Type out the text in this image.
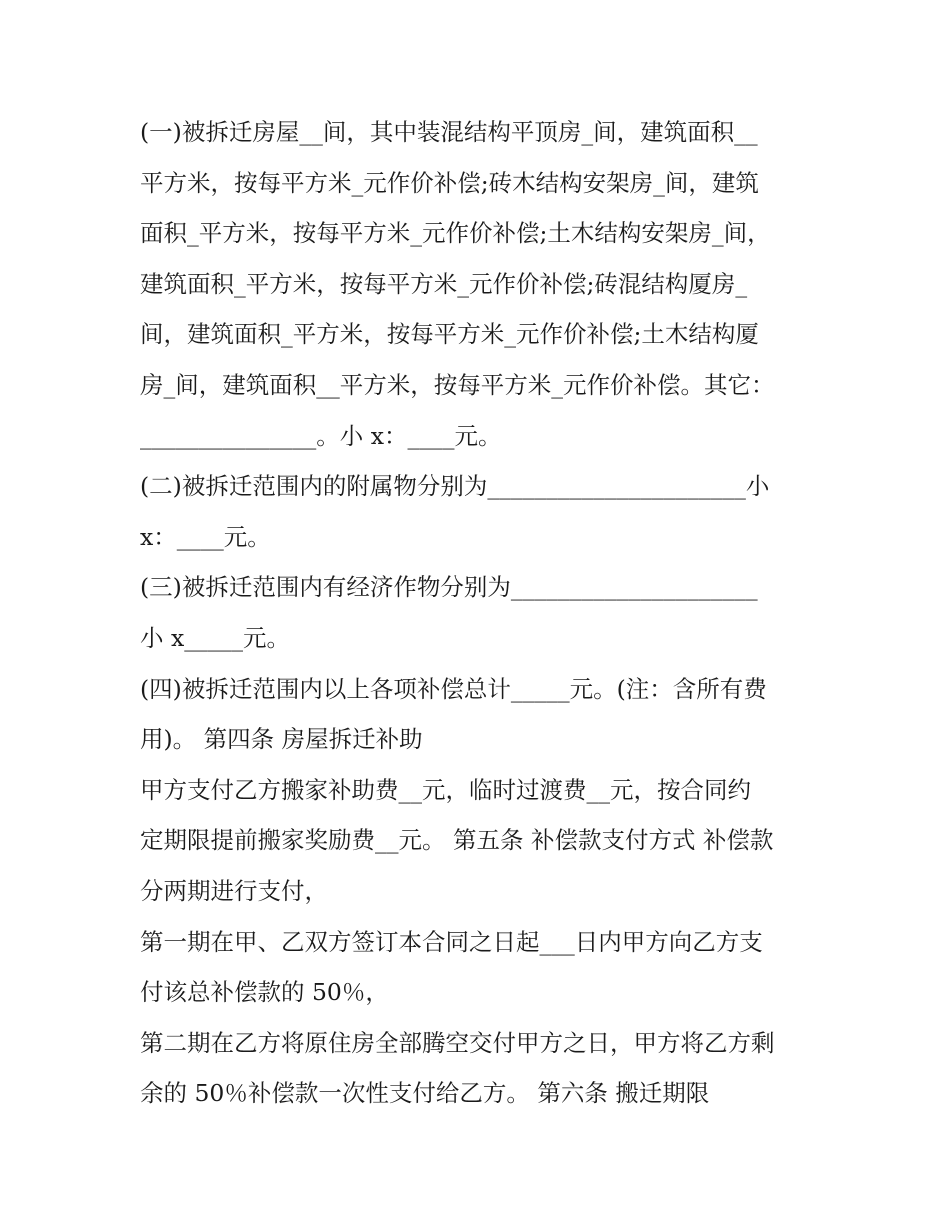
(一)被拆迁房屋__间，其中装混结构平顶房_间，建筑面积__
平方米，按每平方米_元作价补偿;砖木结构安架房_间，建筑
面积_平方米，按每平方米_元作价补偿;土木结构安架房_间，
建筑面积_平方米，按每平方米_元作价补偿;砖混结构厦房_
间，建筑面积_平方米，按每平方米_元作价补偿;土木结构厦
房_间，建筑面积__平方米，按每平方米_元作价补偿。其它：
_______________。小 x：____元。
(二)被拆迁范围内的附属物分别为______________________小
x：____元。
(三)被拆迁范围内有经济作物分别为_____________________
小 x_____元。
(四)被拆迁范围内以上各项补偿总计_____元。(注：含所有费
用)。 第四条 房屋拆迁补助
甲方支付乙方搬家补助费__元，临时过渡费__元，按合同约
定期限提前搬家奖励费__元。 第五条 补偿款支付方式 补偿款
分两期进行支付，
第一期在甲、乙双方签订本合同之日起___日内甲方向乙方支
付该总补偿款的 50％，
第二期在乙方将原住房全部腾空交付甲方之日，甲方将乙方剩
余的 50％补偿款一次性支付给乙方。 第六条 搬迁期限
